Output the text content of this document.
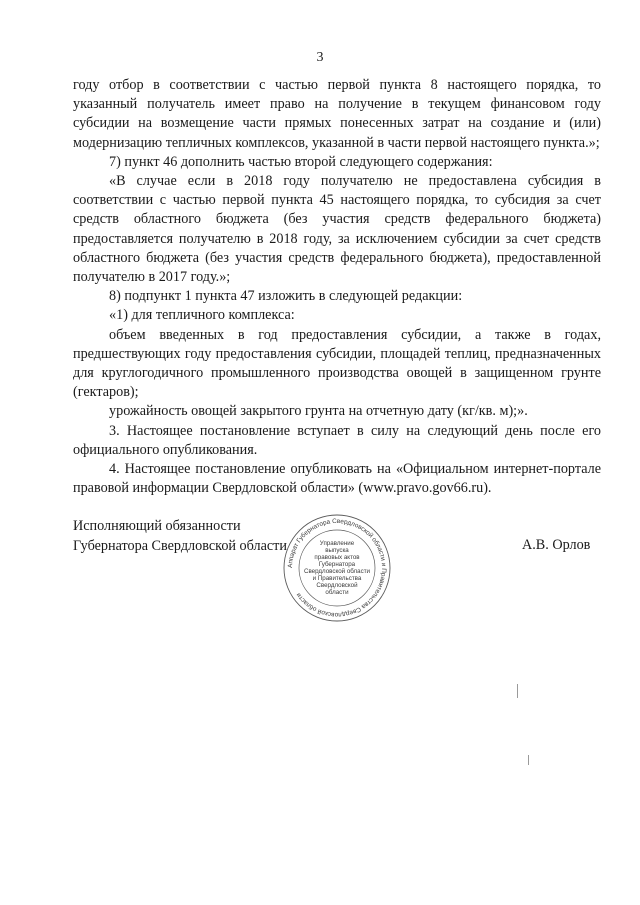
3

году отбор в соответствии с частью первой пункта 8 настоящего порядка, то указанный получатель имеет право на получение в текущем финансовом году субсидии на возмещение части прямых понесенных затрат на создание и (или) модернизацию тепличных комплексов, указанной в части первой настоящего пункта.»;

7) пункт 46 дополнить частью второй следующего содержания:

«В случае если в 2018 году получателю не предоставлена субсидия в соответствии с частью первой пункта 45 настоящего порядка, то субсидия за счет средств областного бюджета (без участия средств федерального бюджета) предоставляется получателю в 2018 году, за исключением субсидии за счет средств областного бюджета (без участия средств федерального бюджета), предоставленной получателю в 2017 году.»;

8) подпункт 1 пункта 47 изложить в следующей редакции:

«1) для тепличного комплекса:

объем введенных в год предоставления субсидии, а также в годах, предшествующих году предоставления субсидии, площадей теплиц, предназначенных для круглогодичного промышленного производства овощей в защищенном грунте (гектаров);

урожайность овощей закрытого грунта на отчетную дату (кг/кв. м);».

3. Настоящее постановление вступает в силу на следующий день после его официального опубликования.

4. Настоящее постановление опубликовать на «Официальном интернет-портале правовой информации Свердловской области» (www.pravo.gov66.ru).

Исполняющий обязанности
Губернатора Свердловской области	А.В. Орлов
Аппарат Губернатора Свердловской области и Правительства Свердловской области
Управление
выпуска
правовых актов
Губернатора
Свердловской области
и Правительства
Свердловской
области
